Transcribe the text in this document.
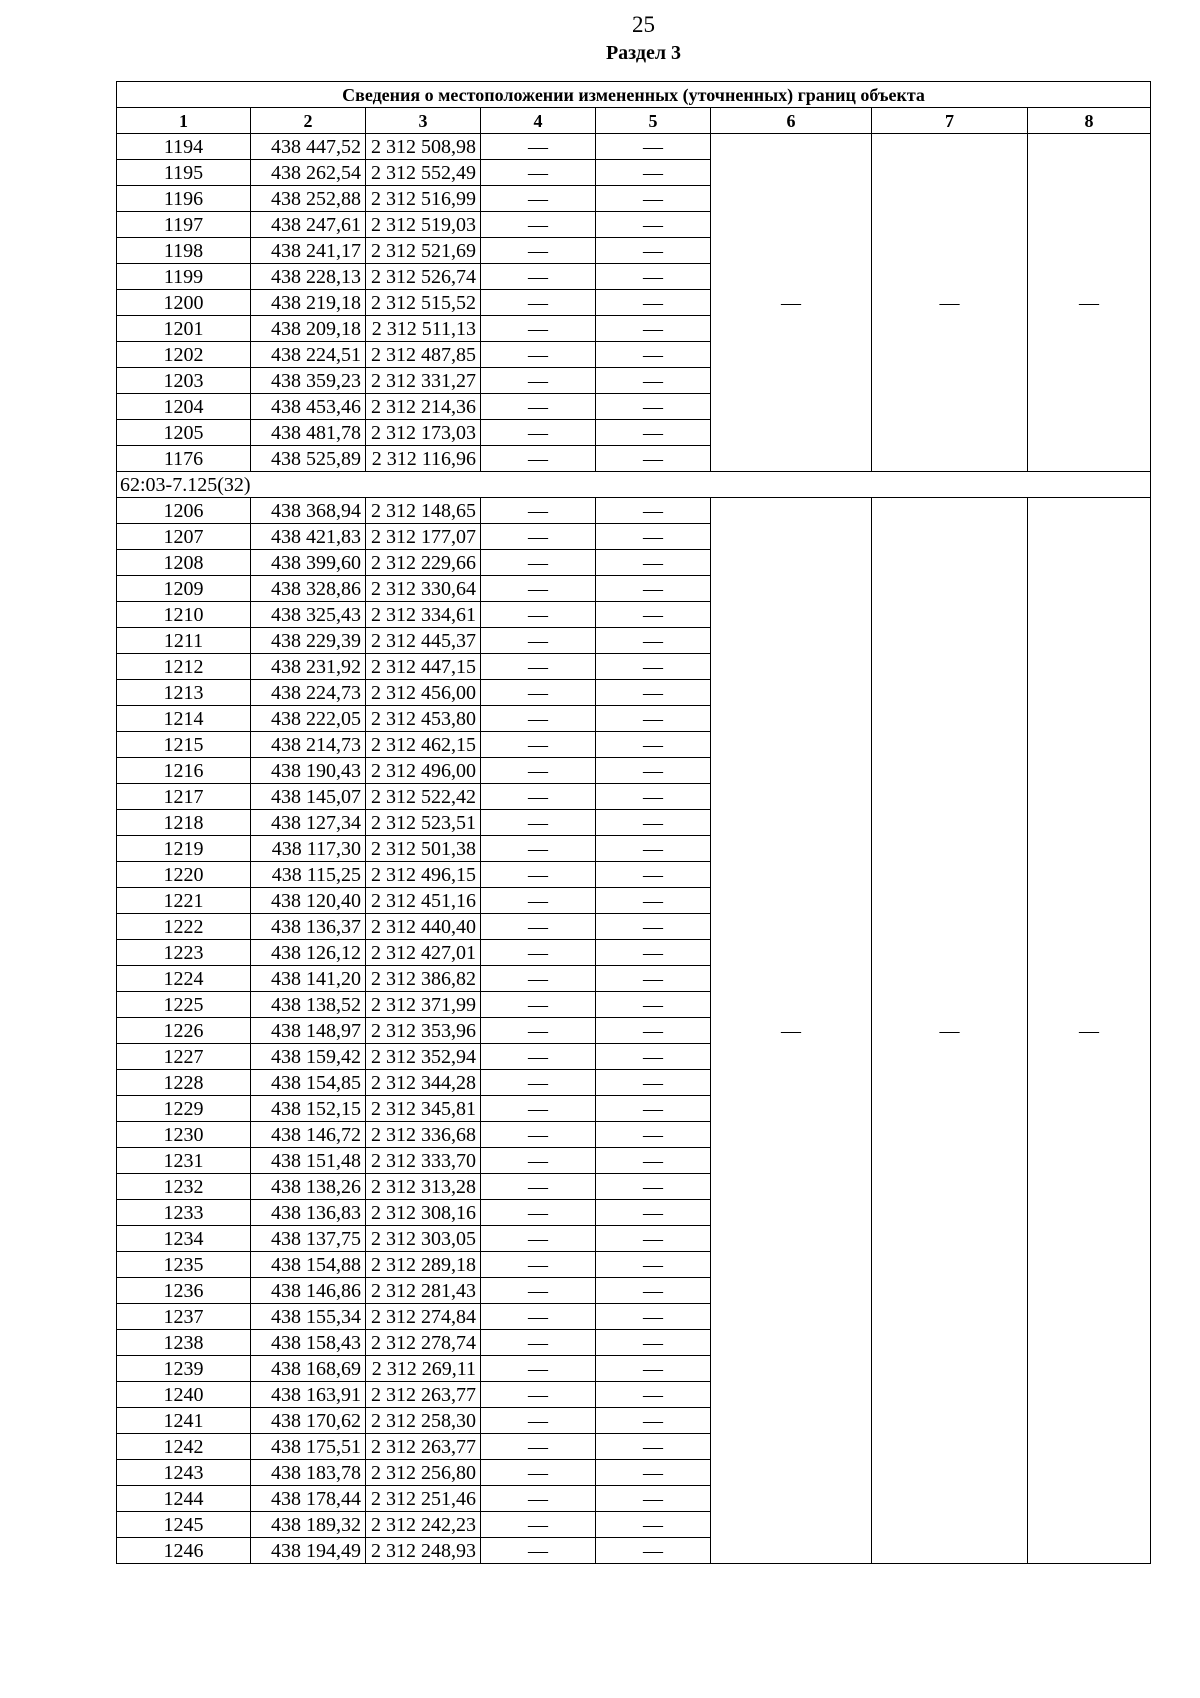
25
Раздел 3
Сведения о местоположении измененных (уточненных) границ объекта							
1	2	3	4	5	6	7	8
1194	438 447,52	2 312 508,98	—	—	—	—	—
1195	438 262,54	2 312 552,49	—	—			
1196	438 252,88	2 312 516,99	—	—			
1197	438 247,61	2 312 519,03	—	—			
1198	438 241,17	2 312 521,69	—	—			
1199	438 228,13	2 312 526,74	—	—			
1200	438 219,18	2 312 515,52	—	—			
1201	438 209,18	2 312 511,13	—	—			
1202	438 224,51	2 312 487,85	—	—			
1203	438 359,23	2 312 331,27	—	—			
1204	438 453,46	2 312 214,36	—	—			
1205	438 481,78	2 312 173,03	—	—			
1176	438 525,89	2 312 116,96	—	—			
62:03-7.125(32)							
1206	438 368,94	2 312 148,65	—	—	—	—	—
1207	438 421,83	2 312 177,07	—	—			
1208	438 399,60	2 312 229,66	—	—			
1209	438 328,86	2 312 330,64	—	—			
1210	438 325,43	2 312 334,61	—	—			
1211	438 229,39	2 312 445,37	—	—			
1212	438 231,92	2 312 447,15	—	—			
1213	438 224,73	2 312 456,00	—	—			
1214	438 222,05	2 312 453,80	—	—			
1215	438 214,73	2 312 462,15	—	—			
1216	438 190,43	2 312 496,00	—	—			
1217	438 145,07	2 312 522,42	—	—			
1218	438 127,34	2 312 523,51	—	—			
1219	438 117,30	2 312 501,38	—	—			
1220	438 115,25	2 312 496,15	—	—			
1221	438 120,40	2 312 451,16	—	—			
1222	438 136,37	2 312 440,40	—	—			
1223	438 126,12	2 312 427,01	—	—			
1224	438 141,20	2 312 386,82	—	—			
1225	438 138,52	2 312 371,99	—	—			
1226	438 148,97	2 312 353,96	—	—			
1227	438 159,42	2 312 352,94	—	—			
1228	438 154,85	2 312 344,28	—	—			
1229	438 152,15	2 312 345,81	—	—			
1230	438 146,72	2 312 336,68	—	—			
1231	438 151,48	2 312 333,70	—	—			
1232	438 138,26	2 312 313,28	—	—			
1233	438 136,83	2 312 308,16	—	—			
1234	438 137,75	2 312 303,05	—	—			
1235	438 154,88	2 312 289,18	—	—			
1236	438 146,86	2 312 281,43	—	—			
1237	438 155,34	2 312 274,84	—	—			
1238	438 158,43	2 312 278,74	—	—			
1239	438 168,69	2 312 269,11	—	—			
1240	438 163,91	2 312 263,77	—	—			
1241	438 170,62	2 312 258,30	—	—			
1242	438 175,51	2 312 263,77	—	—			
1243	438 183,78	2 312 256,80	—	—			
1244	438 178,44	2 312 251,46	—	—			
1245	438 189,32	2 312 242,23	—	—			
1246	438 194,49	2 312 248,93	—	—			
